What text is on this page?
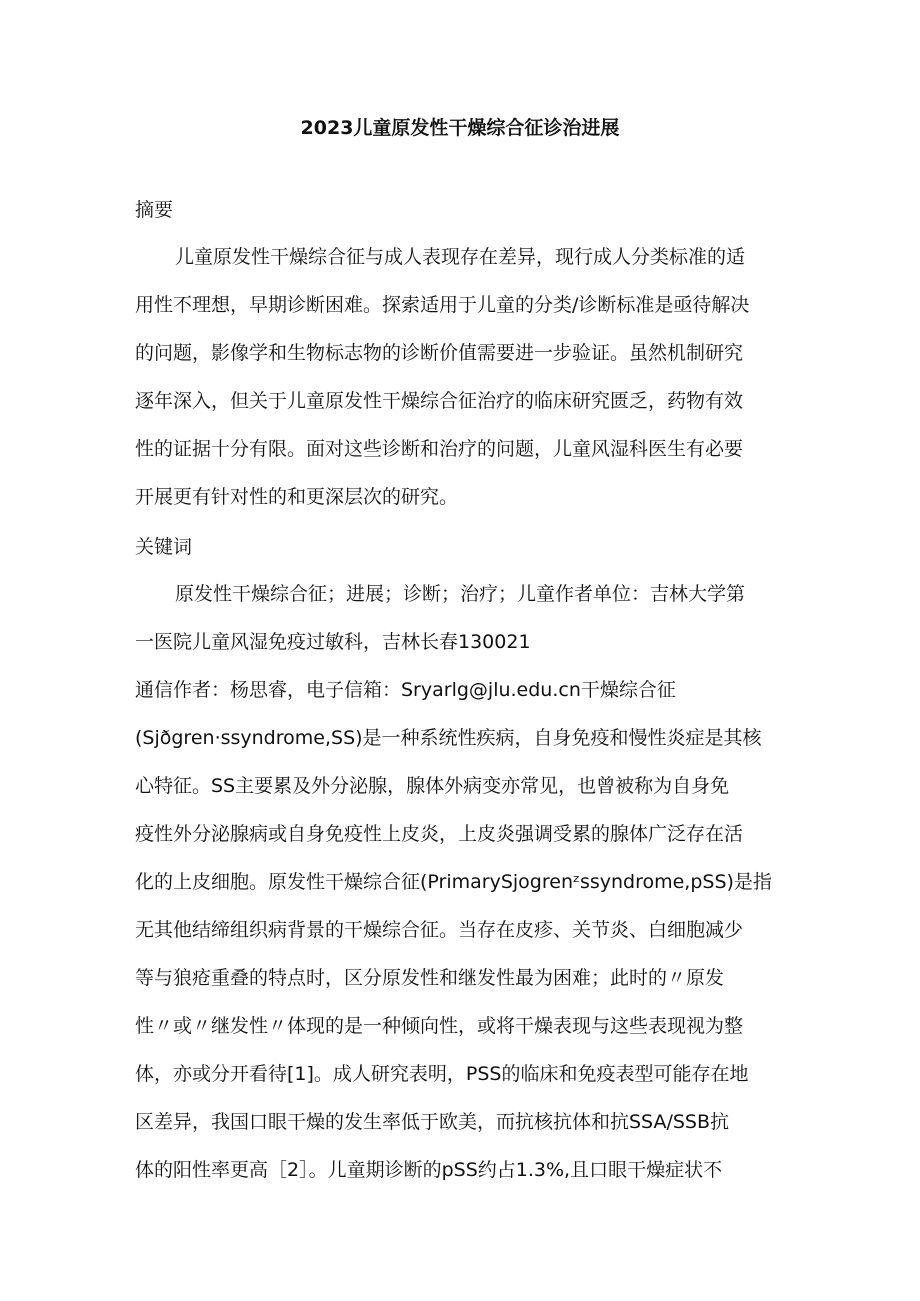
2023儿童原发性干燥综合征诊治进展
摘要
儿童原发性干燥综合征与成人表现存在差异，现行成人分类标准的适
用性不理想，早期诊断困难。探索适用于儿童的分类/诊断标准是亟待解决
的问题，影像学和生物标志物的诊断价值需要进一步验证。虽然机制研究
逐年深入，但关于儿童原发性干燥综合征治疗的临床研究匮乏，药物有效
性的证据十分有限。面对这些诊断和治疗的问题，儿童风湿科医生有必要
开展更有针对性的和更深层次的研究。
关键词
原发性干燥综合征；进展；诊断；治疗；儿童作者单位：吉林大学第
一医院儿童风湿免疫过敏科，吉林长春130021
通信作者：杨思睿，电子信箱：Sryarlg@jlu.edu.cn干燥综合征
(Sjðgren·ssyndrome,SS)是一种系统性疾病，自身免疫和慢性炎症是其核
心特征。SS主要累及外分泌腺，腺体外病变亦常见，也曾被称为自身免
疫性外分泌腺病或自身免疫性上皮炎，上皮炎强调受累的腺体广泛存在活
化的上皮细胞。原发性干燥综合征(PrimarySjogrenᶻssyndrome,pSS)是指
无其他结缔组织病背景的干燥综合征。当存在皮疹、关节炎、白细胞减少
等与狼疮重叠的特点时，区分原发性和继发性最为困难；此时的〃原发
性〃或〃继发性〃体现的是一种倾向性，或将干燥表现与这些表现视为整
体，亦或分开看待[1]。成人研究表明，PSS的临床和免疫表型可能存在地
区差异，我国口眼干燥的发生率低于欧美，而抗核抗体和抗SSA/SSB抗
体的阳性率更高［2］。儿童期诊断的pSS约占1.3%,且口眼干燥症状不
